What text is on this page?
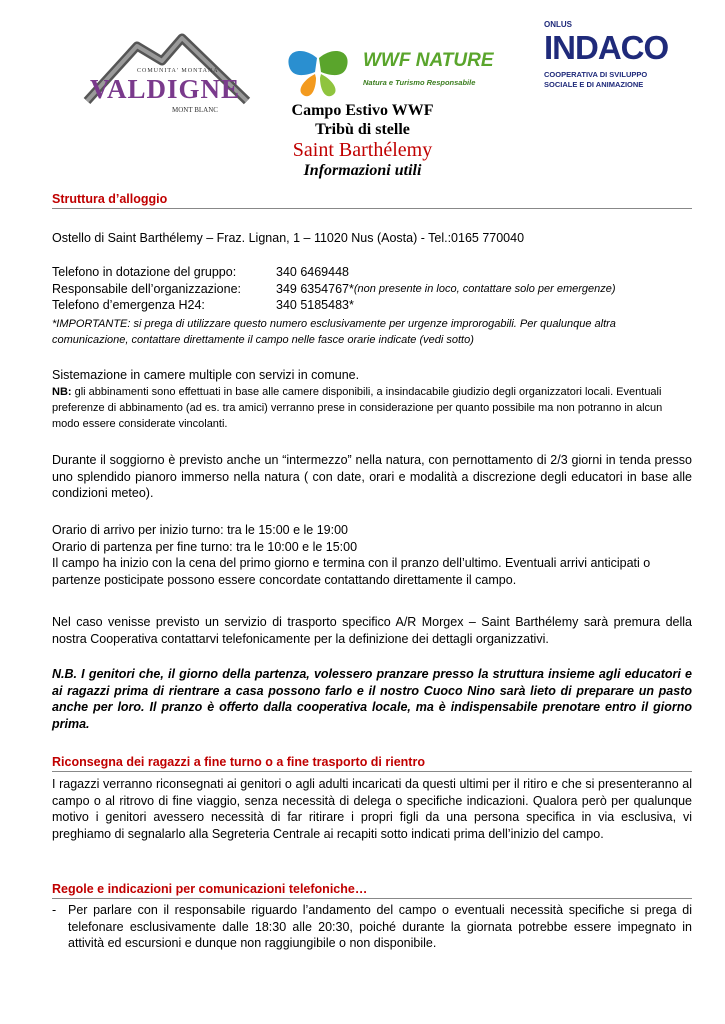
COMUNITA' MONTANA
VALDIGNE
MONT BLANC
WWF NATURE
Natura e Turismo Responsabile
ONLUS
INDACO
COOPERATIVA DI SVILUPPO
SOCIALE E DI ANIMAZIONE
Campo Estivo WWF
Tribù di stelle
Saint Barthélemy
Informazioni utili
Struttura d’alloggio
Ostello di Saint Barthélemy – Fraz. Lignan, 1 – 11020 Nus (Aosta) - Tel.:0165 770040
Telefono in dotazione del gruppo:	340 6469448
Responsabile dell’organizzazione:	349 6354767* (non presente in loco, contattare solo per emergenze)
Telefono d’emergenza H24:	340 5185483*
*IMPORTANTE: si prega di utilizzare questo numero esclusivamente per urgenze improrogabili. Per qualunque altra comunicazione, contattare direttamente il campo nelle fasce orarie indicate (vedi sotto)
Sistemazione in camere multiple con servizi in comune.
NB: gli abbinamenti sono effettuati in base alle camere disponibili, a insindacabile giudizio degli organizzatori locali. Eventuali preferenze di abbinamento (ad es. tra amici) verranno prese in considerazione per quanto possibile ma non potranno in alcun modo essere considerate vincolanti.
Durante il soggiorno è previsto anche un “intermezzo” nella natura, con pernottamento di 2/3 giorni in tenda presso uno splendido pianoro immerso nella natura ( con date, orari e modalità a discrezione degli educatori in base alle condizioni meteo).
Orario di arrivo per inizio turno: tra le 15:00 e le 19:00
Orario di partenza per fine turno: tra le 10:00 e le 15:00
Il campo ha inizio con la cena del primo giorno e termina con il pranzo dell’ultimo. Eventuali arrivi anticipati o partenze posticipate possono essere concordate contattando direttamente il campo.
Nel caso venisse previsto un servizio di trasporto specifico A/R Morgex – Saint Barthélemy sarà premura della nostra Cooperativa contattarvi telefonicamente per la definizione dei dettagli organizzativi.
N.B. I genitori che, il giorno della partenza, volessero pranzare presso la struttura insieme agli educatori e ai ragazzi prima di rientrare a casa possono farlo e il nostro Cuoco Nino sarà lieto di preparare un pasto anche per loro. Il pranzo è offerto dalla cooperativa locale, ma è indispensabile prenotare entro il giorno prima.
Riconsegna dei ragazzi a fine turno o a fine trasporto di rientro
I ragazzi verranno riconsegnati ai genitori o agli adulti incaricati da questi ultimi per il ritiro e che si presenteranno al campo o al ritrovo di fine viaggio, senza necessità di delega o specifiche indicazioni. Qualora però per qualunque motivo i genitori avessero necessità di far ritirare i propri figli da una persona specifica in via esclusiva, vi preghiamo di segnalarlo alla Segreteria Centrale ai recapiti sotto indicati prima dell’inizio del campo.
Regole e indicazioni per comunicazioni telefoniche…
- Per parlare con il responsabile riguardo l’andamento del campo o eventuali necessità specifiche si prega di telefonare esclusivamente dalle 18:30 alle 20:30, poiché durante la giornata potrebbe essere impegnato in attività ed escursioni e dunque non raggiungibile o non disponibile.
